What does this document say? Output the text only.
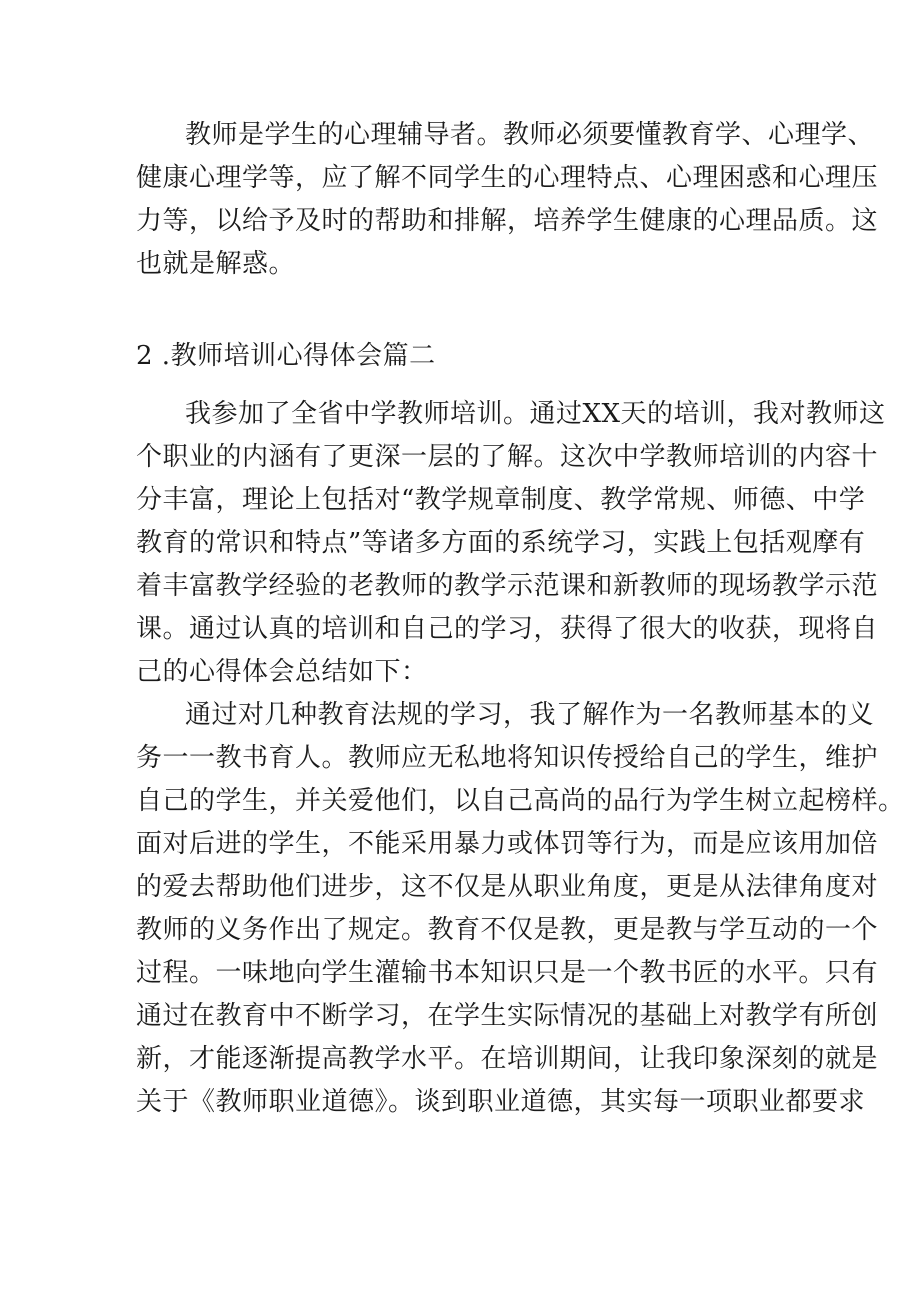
教师是学生的心理辅导者。教师必须要懂教育学、心理学、
健康心理学等，应了解不同学生的心理特点、心理困惑和心理压
力等，以给予及时的帮助和排解，培养学生健康的心理品质。这
也就是解惑。
2 .教师培训心得体会篇二
我参加了全省中学教师培训。通过XX天的培训，我对教师这
个职业的内涵有了更深一层的了解。这次中学教师培训的内容十
分丰富，理论上包括对“教学规章制度、教学常规、师德、中学
教育的常识和特点”等诸多方面的系统学习，实践上包括观摩有
着丰富教学经验的老教师的教学示范课和新教师的现场教学示范
课。通过认真的培训和自己的学习，获得了很大的收获，现将自
己的心得体会总结如下：
通过对几种教育法规的学习，我了解作为一名教师基本的义
务一一教书育人。教师应无私地将知识传授给自己的学生，维护
自己的学生，并关爱他们，以自己高尚的品行为学生树立起榜样。
面对后进的学生，不能采用暴力或体罚等行为，而是应该用加倍
的爱去帮助他们进步，这不仅是从职业角度，更是从法律角度对
教师的义务作出了规定。教育不仅是教，更是教与学互动的一个
过程。一味地向学生灌输书本知识只是一个教书匠的水平。只有
通过在教育中不断学习，在学生实际情况的基础上对教学有所创
新，才能逐渐提高教学水平。在培训期间，让我印象深刻的就是
关于《教师职业道德》。谈到职业道德，其实每一项职业都要求
